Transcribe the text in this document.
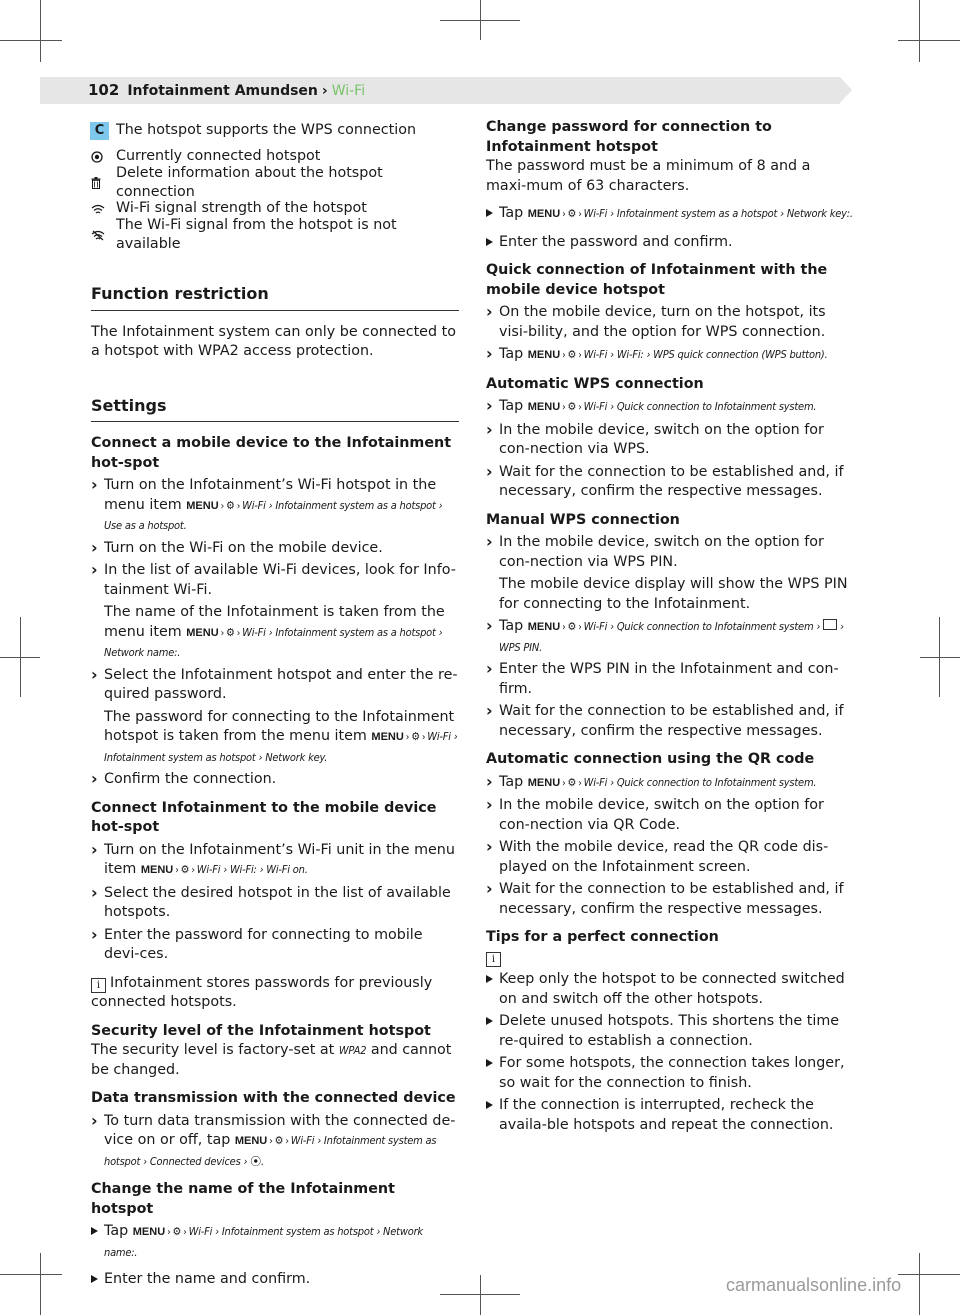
102 Infotainment Amundsen › Wi-Fi
C The hotspot supports the WPS connection
Currently connected hotspot
Delete information about the hotspot connection
Wi-Fi signal strength of the hotspot
The Wi-Fi signal from the hotspot is not available
Function restriction

The Infotainment system can only be connected to a hotspot with WPA2 access protection.

Settings

Connect a mobile device to the Infotainment hot-spot

› Turn on the Infotainment’s Wi-Fi hotspot in the menu item MENU › ⚙ › Wi-Fi › Infotainment system as a hotspot › Use as a hotspot.
› Turn on the Wi-Fi on the mobile device.
› In the list of available Wi-Fi devices, look for Info-tainment Wi-Fi.
The name of the Infotainment is taken from the menu item MENU › ⚙ › Wi-Fi › Infotainment system as a hotspot › Network name:.
› Select the Infotainment hotspot and enter the re-quired password.
The password for connecting to the Infotainment hotspot is taken from the menu item MENU › ⚙ › Wi-Fi › Infotainment system as hotspot › Network key.
› Confirm the connection.

Connect Infotainment to the mobile device hot-spot

› Turn on the Infotainment’s Wi-Fi unit in the menu item MENU › ⚙ › Wi-Fi › Wi-Fi: › Wi-Fi on.
› Select the desired hotspot in the list of available hotspots.
› Enter the password for connecting to mobile devi-ces.

i Infotainment stores passwords for previously connected hotspots.

Security level of the Infotainment hotspot

The security level is factory-set at WPA2 and cannot be changed.

Data transmission with the connected device

› To turn data transmission with the connected de-vice on or off, tap MENU › ⚙ › Wi-Fi › Infotainment system as hotspot › Connected devices › ⦿.

Change the name of the Infotainment hotspot

Tap MENU › ⚙ › Wi-Fi › Infotainment system as hotspot › Network name:.
Enter the name and confirm.

Change password for connection to Infotainment hotspot

The password must be a minimum of 8 and a maxi-mum of 63 characters.

Tap MENU › ⚙ › Wi-Fi › Infotainment system as a hotspot › Network key:.
Enter the password and confirm.

Quick connection of Infotainment with the mobile device hotspot

› On the mobile device, turn on the hotspot, its visi-bility, and the option for WPS connection.
› Tap MENU › ⚙ › Wi-Fi › Wi-Fi: › WPS quick connection (WPS button).

Automatic WPS connection

› Tap MENU › ⚙ › Wi-Fi › Quick connection to Infotainment system.
› In the mobile device, switch on the option for con-nection via WPS.
› Wait for the connection to be established and, if necessary, confirm the respective messages.

Manual WPS connection

› In the mobile device, switch on the option for con-nection via WPS PIN.
The mobile device display will show the WPS PIN for connecting to the Infotainment.
› Tap MENU › ⚙ › Wi-Fi › Quick connection to Infotainment system › › WPS PIN.
› Enter the WPS PIN in the Infotainment and con-firm.
› Wait for the connection to be established and, if necessary, confirm the respective messages.

Automatic connection using the QR code

› Tap MENU › ⚙ › Wi-Fi › Quick connection to Infotainment system.
› In the mobile device, switch on the option for con-nection via QR Code.
› With the mobile device, read the QR code dis-played on the Infotainment screen.
› Wait for the connection to be established and, if necessary, confirm the respective messages.

Tips for a perfect connection

i

Keep only the hotspot to be connected switched on and switch off the other hotspots.
Delete unused hotspots. This shortens the time re-quired to establish a connection.
For some hotspots, the connection takes longer, so wait for the connection to finish.
If the connection is interrupted, recheck the availa-ble hotspots and repeat the connection.
carmanualsonline.info
